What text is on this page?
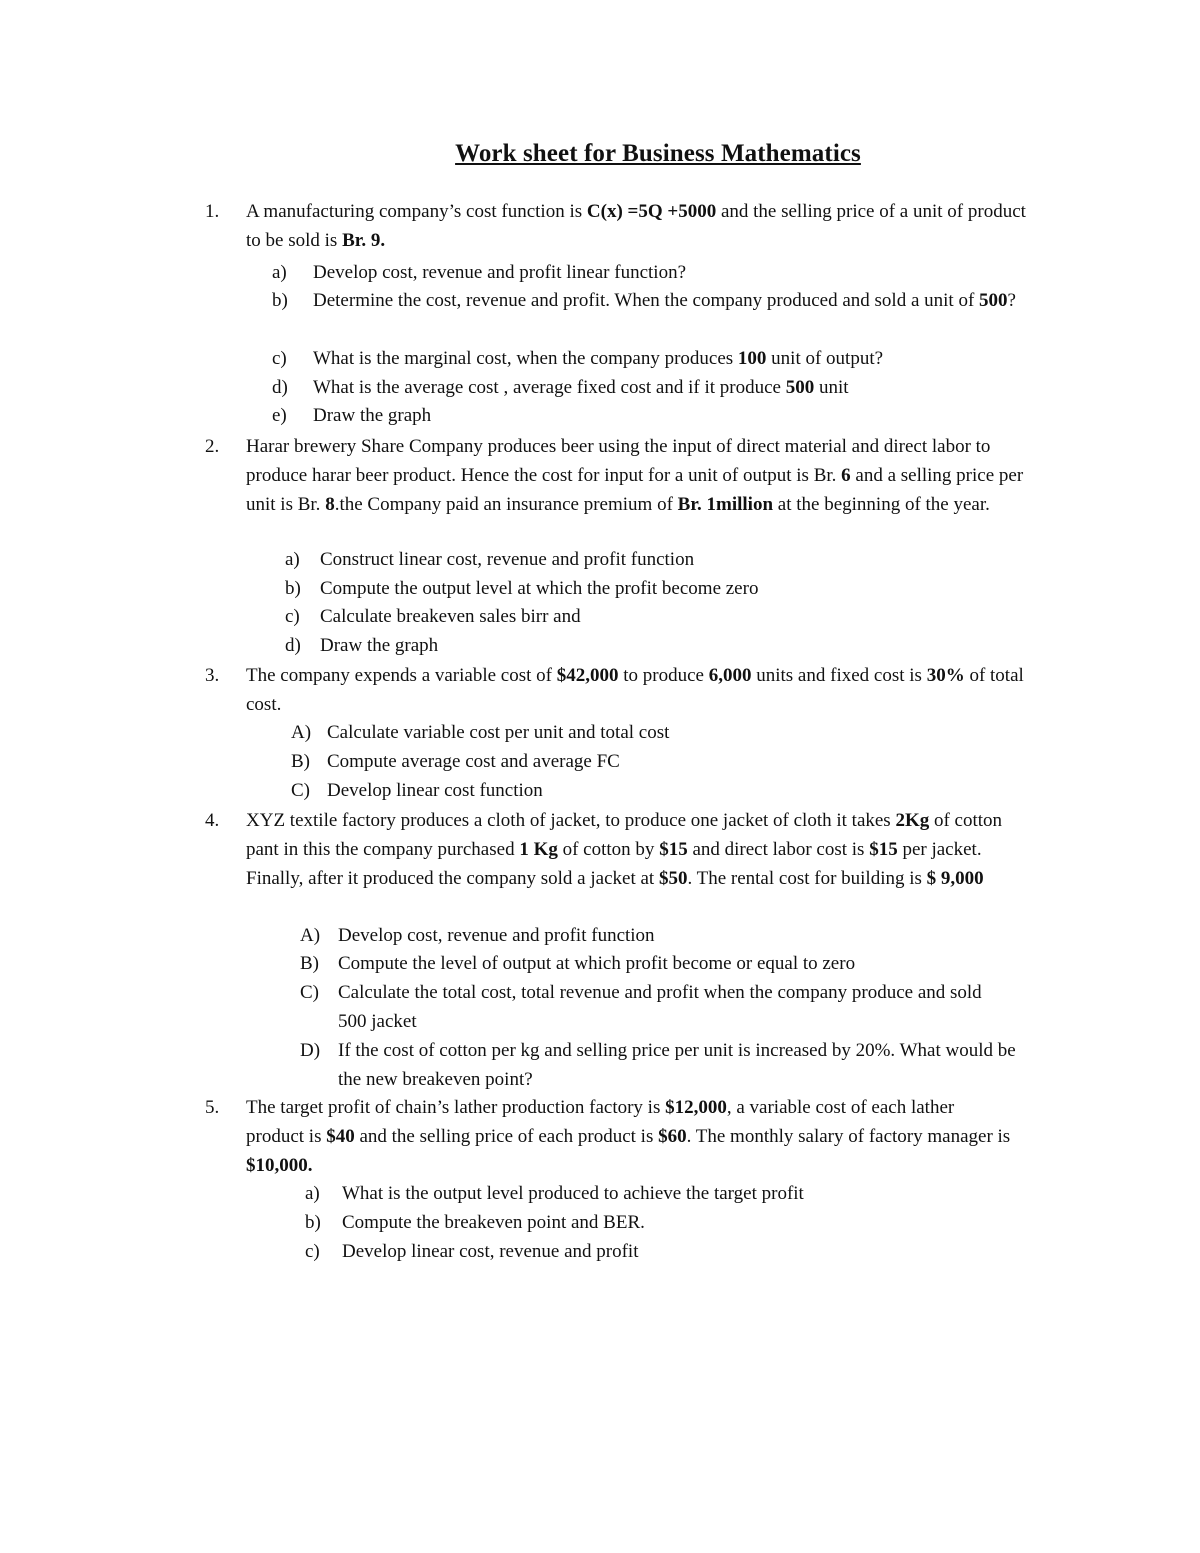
Work sheet for Business Mathematics
1. A manufacturing company’s cost function is C(x) =5Q +5000 and the selling price of a unit of product to be sold is Br. 9.
a) Develop cost, revenue and profit linear function?
b) Determine the cost, revenue and profit. When the company produced and sold a unit of 500?
c) What is the marginal cost, when the company produces 100 unit of output?
d) What is the average cost , average fixed cost and if it produce 500 unit
e) Draw the graph
2. Harar brewery Share Company produces beer using the input of direct material and direct labor to produce harar beer product. Hence the cost for input for a unit of output is Br. 6 and a selling price per unit is Br. 8.the Company paid an insurance premium of Br. 1million at the beginning of the year.
a) Construct linear cost, revenue and profit function
b) Compute the output level at which the profit become zero
c) Calculate breakeven sales birr and
d) Draw the graph
3. The company expends a variable cost of $42,000 to produce 6,000 units and fixed cost is 30% of total cost.
A) Calculate variable cost per unit and total cost
B) Compute average cost and average FC
C) Develop linear cost function
4. XYZ textile factory produces a cloth of jacket, to produce one jacket of cloth it takes 2Kg of cotton pant in this the company purchased 1 Kg of cotton by $15 and direct labor cost is $15 per jacket. Finally, after it produced the company sold a jacket at $50. The rental cost for building is $ 9,000
A) Develop cost, revenue and profit function
B) Compute the level of output at which profit become or equal to zero
C) Calculate the total cost, total revenue and profit when the company produce and sold 500 jacket
D) If the cost of cotton per kg and selling price per unit is increased by 20%. What would be the new breakeven point?
5. The target profit of chain’s lather production factory is $12,000, a variable cost of each lather product is $40 and the selling price of each product is $60. The monthly salary of factory manager is $10,000.
a) What is the output level produced to achieve the target profit
b) Compute the breakeven point and BER.
c) Develop linear cost, revenue and profit
